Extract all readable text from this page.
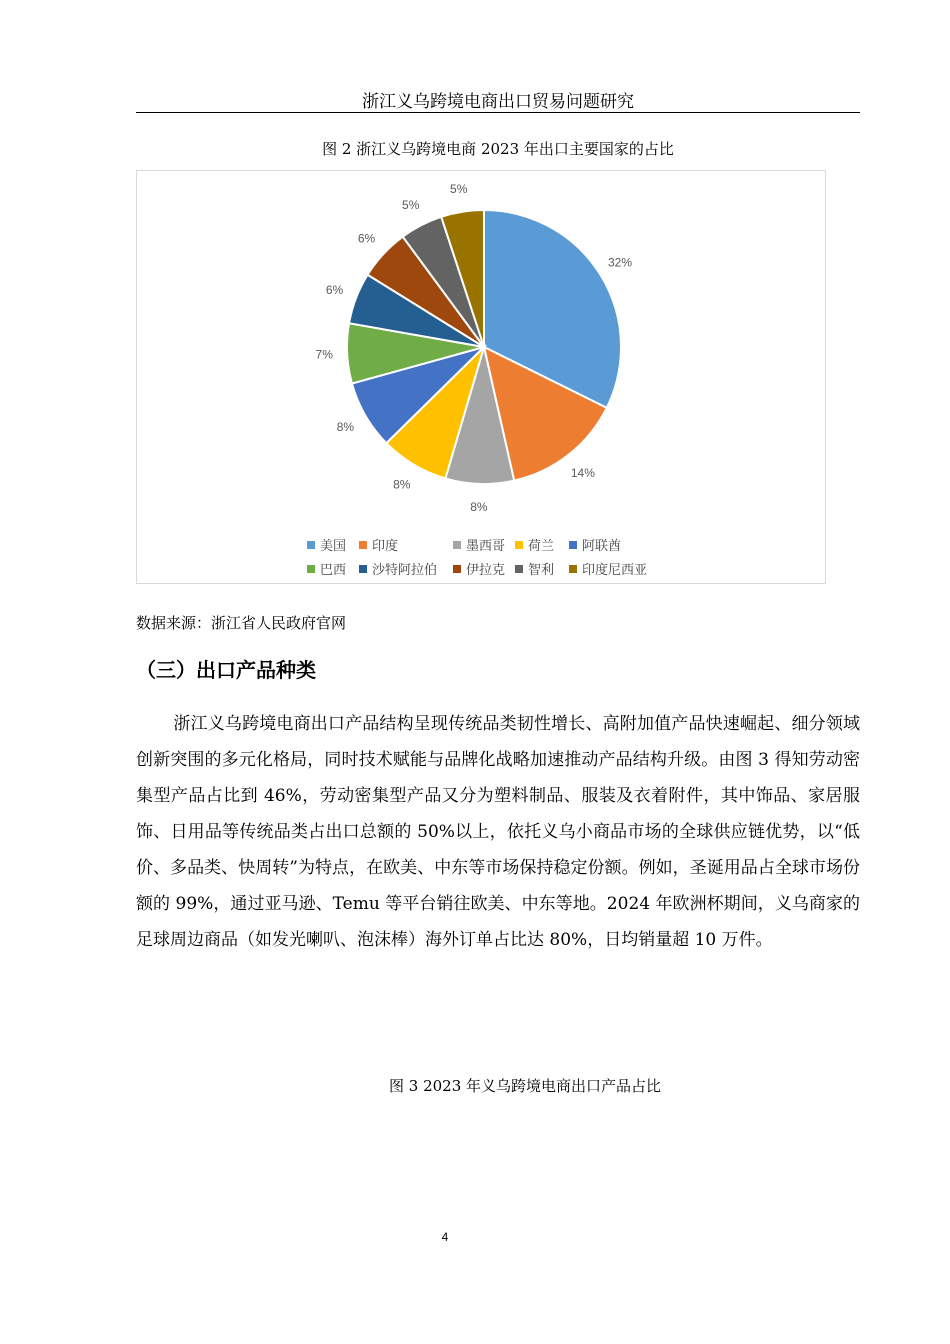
浙江义乌跨境电商出口贸易问题研究
图 2 浙江义乌跨境电商 2023 年出口主要国家的占比
32%
14%
8%
8%
8%
7%
6%
6%
5%
5%
美国	印度	墨西哥	荷兰	阿联酋
巴西	沙特阿拉伯	伊拉克	智利	印度尼西亚
数据来源：浙江省人民政府官网
（三）出口产品种类

浙江义乌跨境电商出口产品结构呈现传统品类韧性增长、高附加值产品快速崛起、细分领域创新突围的多元化格局，同时技术赋能与品牌化战略加速推动产品结构升级。由图 3 得知劳动密集型产品占比到 46%，劳动密集型产品又分为塑料制品、服装及衣着附件，其中饰品、家居服饰、日用品等传统品类占出口总额的 50%以上，依托义乌小商品市场的全球供应链优势，以“低价、多品类、快周转”为特点，在欧美、中东等市场保持稳定份额。例如，圣诞用品占全球市场份额的 99%，通过亚马逊、Temu 等平台销往欧美、中东等地。2024 年欧洲杯期间，义乌商家的足球周边商品（如发光喇叭、泡沫棒）海外订单占比达 80%，日均销量超 10 万件。

图 3 2023 年义乌跨境电商出口产品占比
4
